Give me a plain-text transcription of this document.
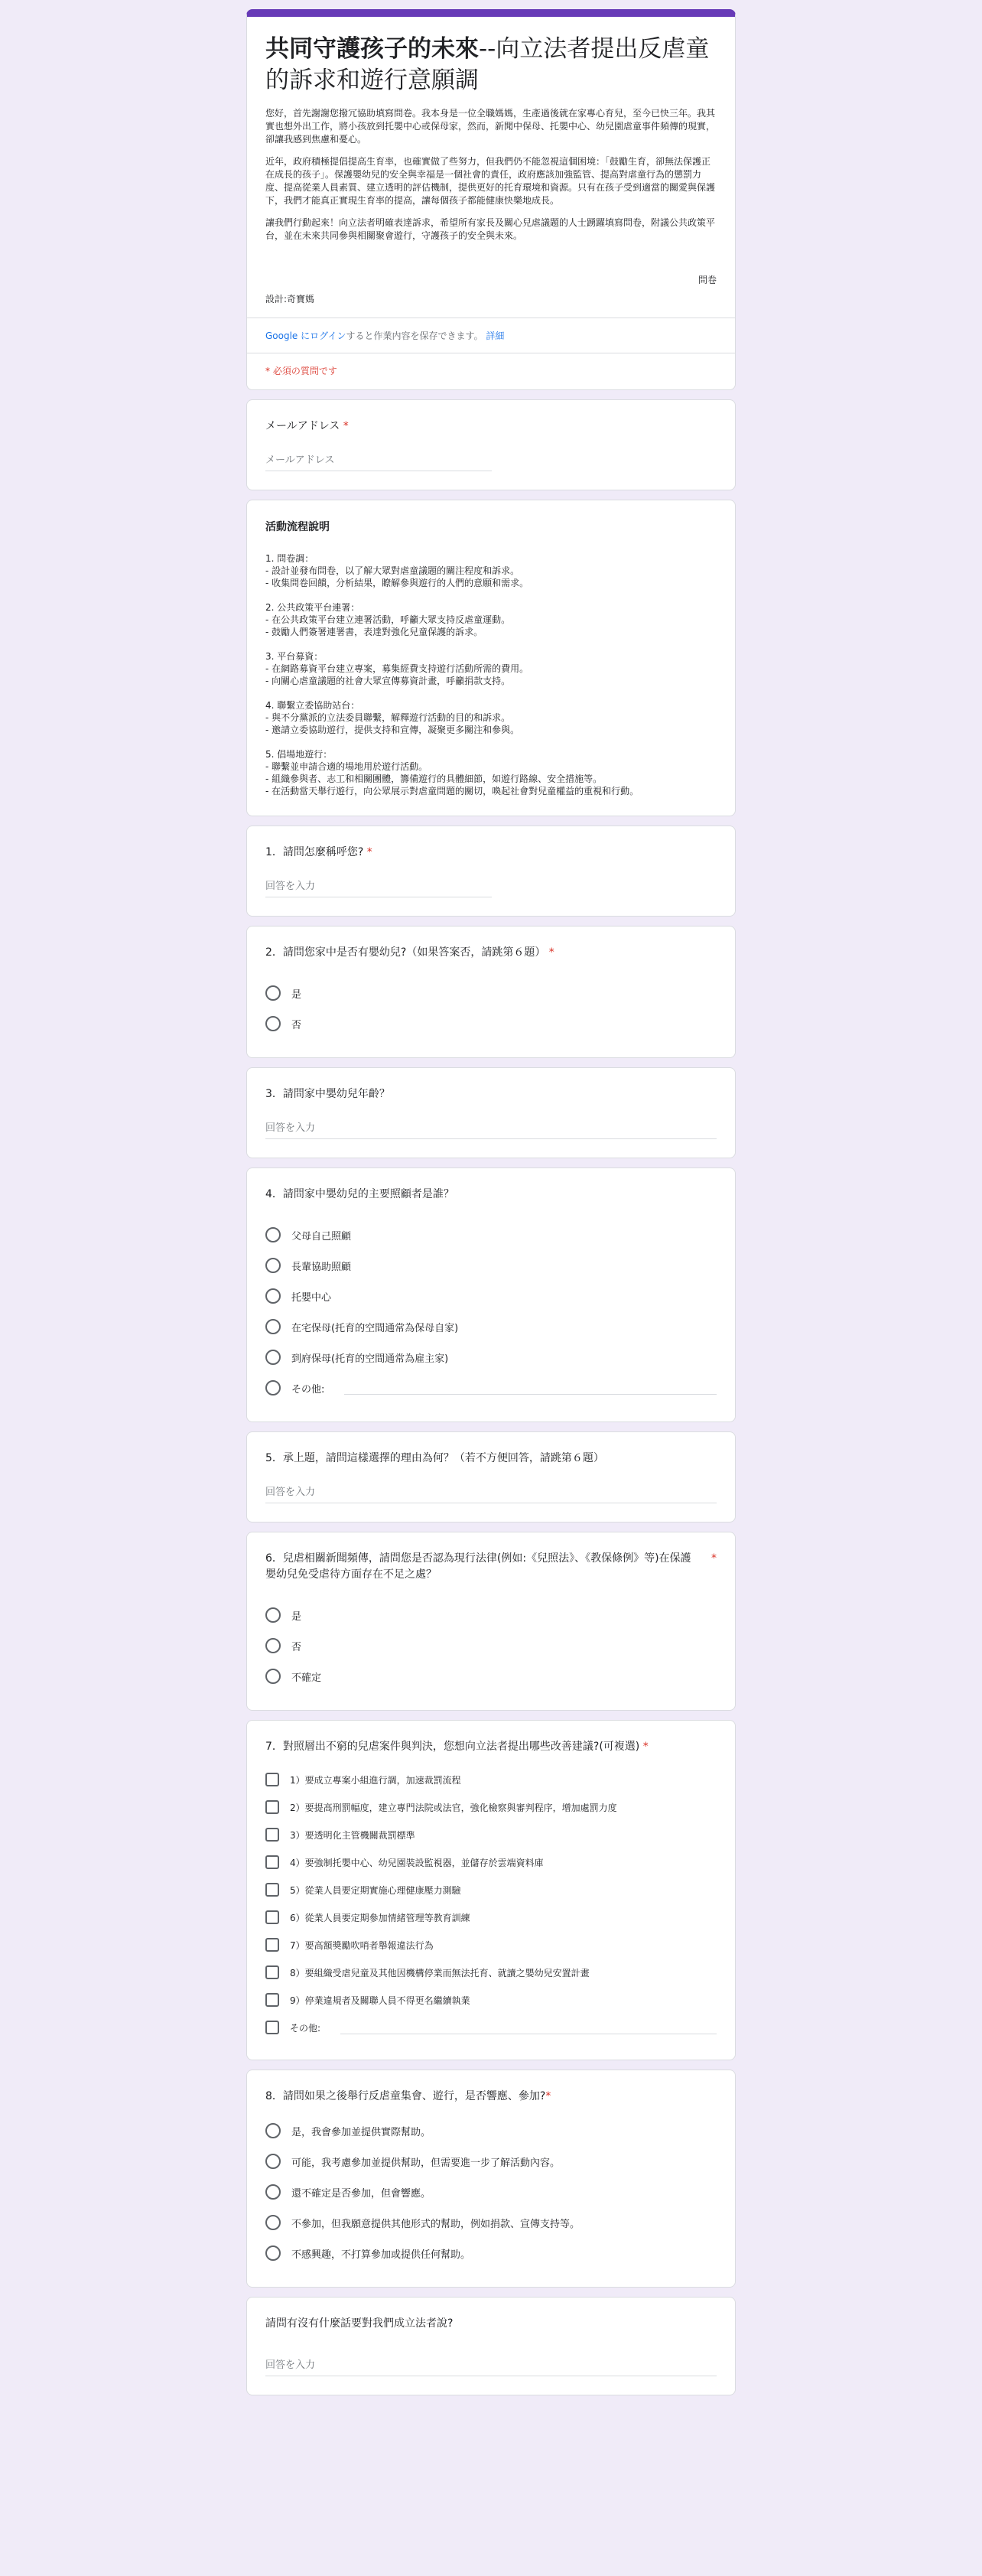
共同守護孩子的未來--向立法者提出反虐童的訴求和遊行意願調

您好，首先謝謝您撥冗協助填寫問卷。我本身是一位全職媽媽，生產過後就在家專心育兒，至今已快三年。我其實也想外出工作，將小孩放到托嬰中心或保母家，然而，新聞中保母、托嬰中心、幼兒園虐童事件頻傳的現實，卻讓我感到焦慮和憂心。

近年，政府積極提倡提高生育率，也確實做了些努力，但我們仍不能忽視這個困境：「鼓勵生育，卻無法保護正在成長的孩子」。保護嬰幼兒的安全與幸福是一個社會的責任，政府應該加強監管、提高對虐童行為的懲罰力度、提高從業人員素質、建立透明的評估機制，提供更好的托育環境和資源。只有在孩子受到適當的關愛與保護下，我們才能真正實現生育率的提高，讓每個孩子都能健康快樂地成長。

讓我們行動起來！向立法者明確表達訴求，希望所有家長及關心兒虐議題的人士踴躍填寫問卷，附議公共政策平台，並在未來共同參與相關聚會遊行，守護孩子的安全與未來。

問卷
設計:奇寶媽
Google にログインすると作業内容を保存できます。 詳細
* 必須の質問です
メールアドレス *
メールアドレス
活動流程說明
1. 問卷調：
- 設計並發布問卷，以了解大眾對虐童議題的關注程度和訴求。
- 收集問卷回饋，分析結果，瞭解參與遊行的人們的意願和需求。

2. 公共政策平台連署：
- 在公共政策平台建立連署活動，呼籲大眾支持反虐童運動。
- 鼓勵人們簽署連署書，表達對強化兒童保護的訴求。

3. 平台募資：
- 在網路募資平台建立專案，募集經費支持遊行活動所需的費用。
- 向關心虐童議題的社會大眾宣傳募資計畫，呼籲捐款支持。

4. 聯繫立委協助站台：
- 與不分黨派的立法委員聯繫，解釋遊行活動的目的和訴求。
- 邀請立委協助遊行，提供支持和宣傳，凝聚更多關注和參與。

5. 倡場地遊行：
- 聯繫並申請合適的場地用於遊行活動。
- 組織參與者、志工和相關團體，籌備遊行的具體細節，如遊行路線、安全措施等。
- 在活動當天舉行遊行，向公眾展示對虐童問題的關切，喚起社會對兒童權益的重視和行動。
1．請問怎麼稱呼您? *
回答を入力
2．請問您家中是否有嬰幼兒?（如果答案否，請跳第６題） *
是
否
3．請問家中嬰幼兒年齡？
回答を入力
4．請問家中嬰幼兒的主要照顧者是誰？
父母自己照顧
長輩協助照顧
托嬰中心
在宅保母(托育的空間通常為保母自家)
到府保母(托育的空間通常為雇主家)
その他:
5．承上題，請問這樣選擇的理由為何？（若不方便回答，請跳第６題）
回答を入力
6．兒虐相關新聞頻傳，請問您是否認為現行法律(例如:《兒照法》、《教保條例》等)在保護嬰幼兒免受虐待方面存在不足之處？
*
是
否
不確定
7．對照層出不窮的兒虐案件與判決，您想向立法者提出哪些改善建議?(可複選) *
1）要成立專案小組進行調，加速裁罰流程
2）要提高刑罰幅度，建立專門法院或法官，強化檢察與審判程序，增加處罰力度
3）要透明化主管機關裁罰標準
4）要強制托嬰中心、幼兒園裝設監視器，並儲存於雲端資料庫
5）從業人員要定期實施心理健康壓力測驗
6）從業人員要定期參加情緒管理等教育訓練
7）要高額獎勵吹哨者舉報違法行為
8）要組織受虐兒童及其他因機構停業而無法托育、就讀之嬰幼兒安置計畫
9）停業違規者及關聯人員不得更名繼續執業
その他:
8．請問如果之後舉行反虐童集會、遊行，是否響應、參加?*
是，我會參加並提供實際幫助。
可能，我考慮參加並提供幫助，但需要進一步了解活動內容。
還不確定是否參加，但會響應。
不參加，但我願意提供其他形式的幫助，例如捐款、宣傳支持等。
不感興趣，不打算參加或提供任何幫助。
請問有沒有什麼話要對我們成立法者說?
回答を入力
